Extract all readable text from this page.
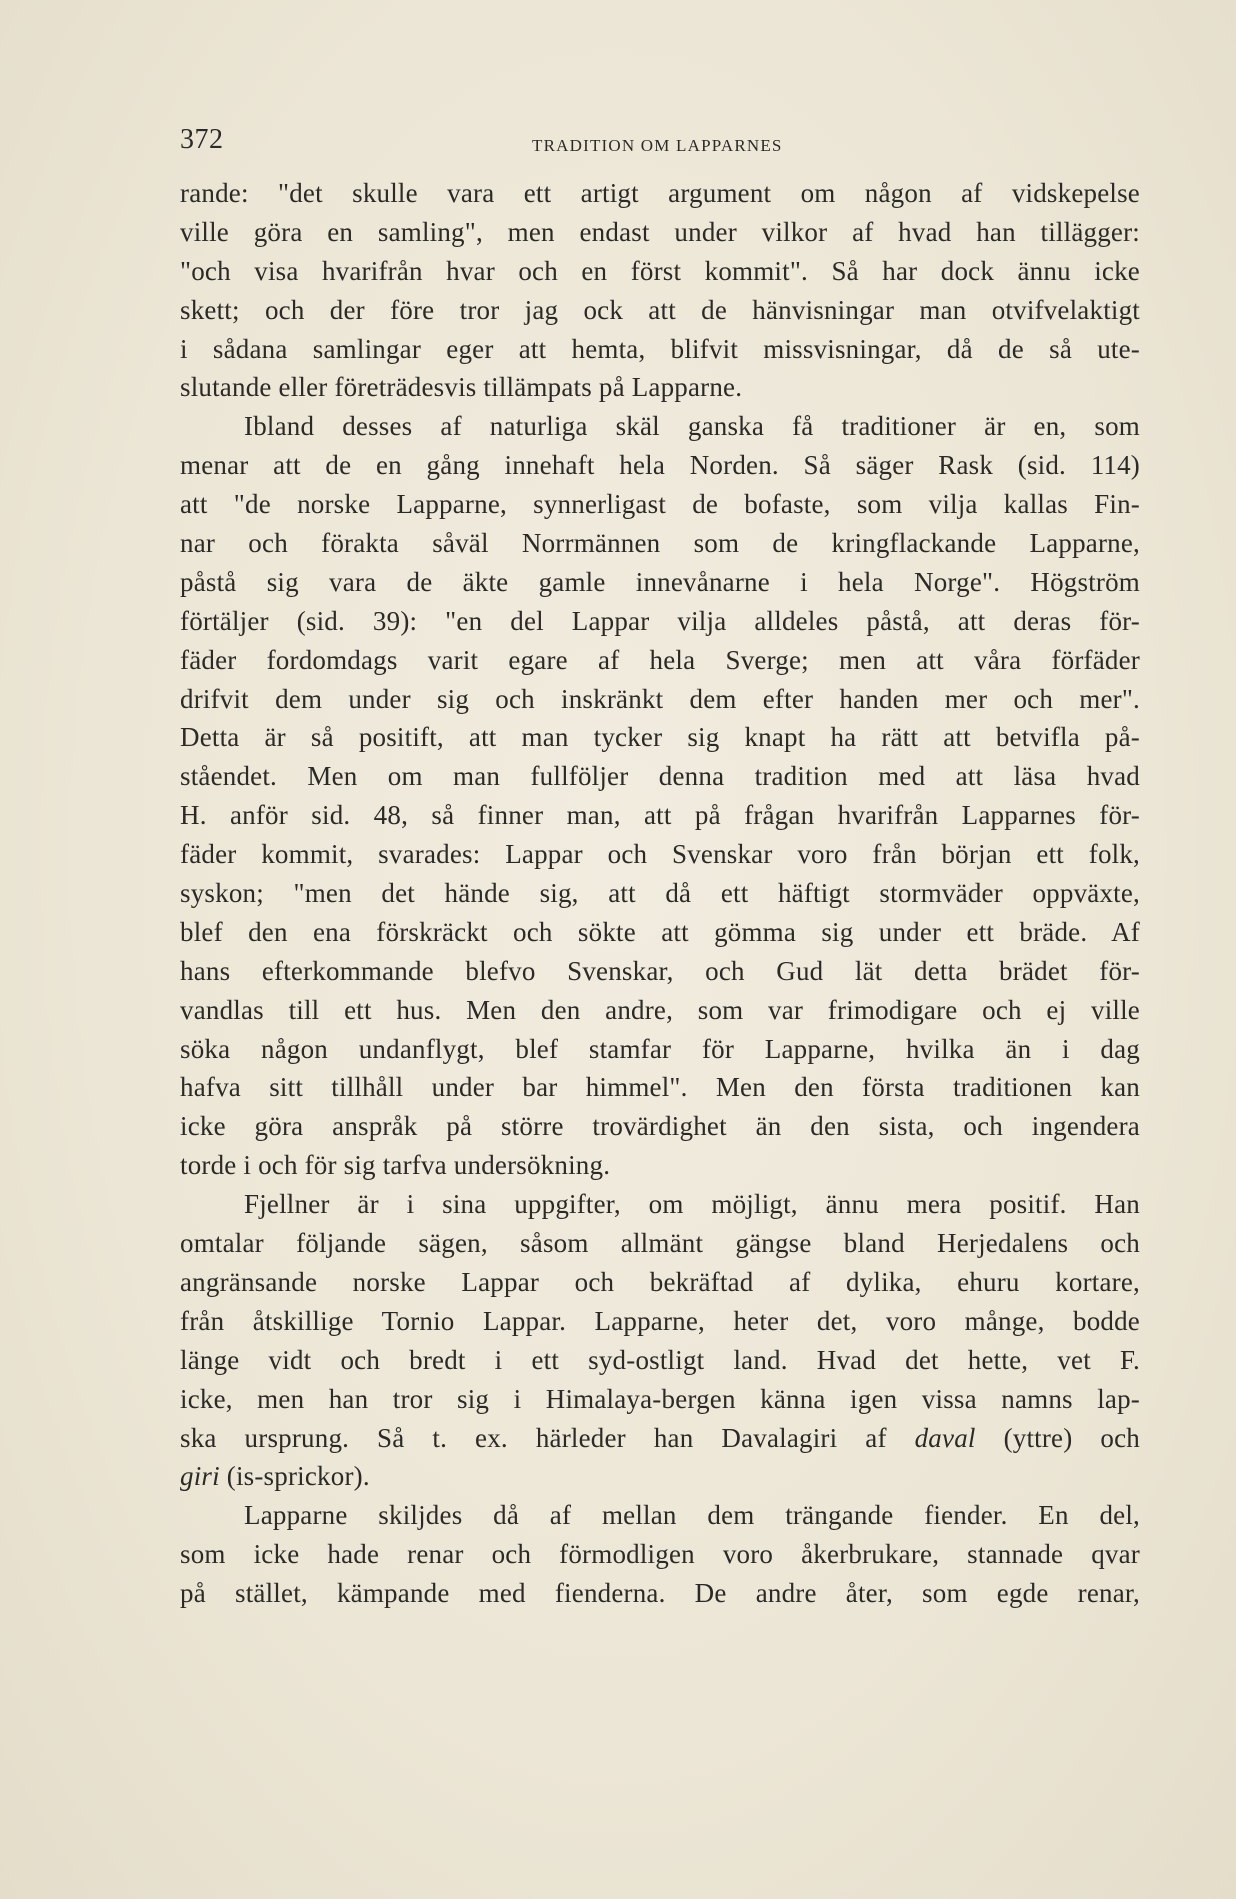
372	TRADITION OM LAPPARNES
rande: "det skulle vara ett artigt argument om någon af vidskepelse
ville göra en samling", men endast under vilkor af hvad han tillägger:
"och visa hvarifrån hvar och en först kommit". Så har dock ännu icke
skett; och der före tror jag ock att de hänvisningar man otvifvelaktigt
i sådana samlingar eger att hemta, blifvit missvisningar, då de så ute-
slutande eller företrädesvis tillämpats på Lapparne.
Ibland desses af naturliga skäl ganska få traditioner är en, som
menar att de en gång innehaft hela Norden. Så säger Rask (sid. 114)
att "de norske Lapparne, synnerligast de bofaste, som vilja kallas Fin-
nar och förakta såväl Norrmännen som de kringflackande Lapparne,
påstå sig vara de äkte gamle innevånarne i hela Norge". Högström
förtäljer (sid. 39): "en del Lappar vilja alldeles påstå, att deras för-
fäder fordomdags varit egare af hela Sverge; men att våra förfäder
drifvit dem under sig och inskränkt dem efter handen mer och mer".
Detta är så positift, att man tycker sig knapt ha rätt att betvifla på-
ståendet. Men om man fullföljer denna tradition med att läsa hvad
H. anför sid. 48, så finner man, att på frågan hvarifrån Lapparnes för-
fäder kommit, svarades: Lappar och Svenskar voro från början ett folk,
syskon; "men det hände sig, att då ett häftigt stormväder oppväxte,
blef den ena förskräckt och sökte att gömma sig under ett bräde. Af
hans efterkommande blefvo Svenskar, och Gud lät detta brädet för-
vandlas till ett hus. Men den andre, som var frimodigare och ej ville
söka någon undanflygt, blef stamfar för Lapparne, hvilka än i dag
hafva sitt tillhåll under bar himmel". Men den första traditionen kan
icke göra anspråk på större trovärdighet än den sista, och ingendera
torde i och för sig tarfva undersökning.
Fjellner är i sina uppgifter, om möjligt, ännu mera positif. Han
omtalar följande sägen, såsom allmänt gängse bland Herjedalens och
angränsande norske Lappar och bekräftad af dylika, ehuru kortare,
från åtskillige Tornio Lappar. Lapparne, heter det, voro månge, bodde
länge vidt och bredt i ett syd-ostligt land. Hvad det hette, vet F.
icke, men han tror sig i Himalaya-bergen känna igen vissa namns lap-
ska ursprung. Så t. ex. härleder han Davalagiri af daval (yttre) och
giri (is-sprickor).
Lapparne skiljdes då af mellan dem trängande fiender. En del,
som icke hade renar och förmodligen voro åkerbrukare, stannade qvar
på stället, kämpande med fienderna. De andre åter, som egde renar,
